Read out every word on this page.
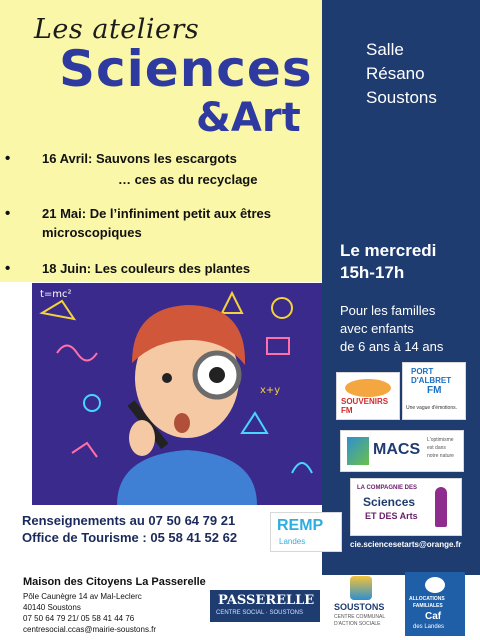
Les ateliers
Sciences
&Art
Salle
Résano
Soustons
Le mercredi
15h-17h
Pour les familles
avec enfants
de 6 ans à 14 ans
• 16 Avril: Sauvons les escargots
… ces as du recyclage
• 21 Mai: De l’infiniment petit aux êtres
microscopiques
• 18 Juin: Les couleurs des plantes
t=mc²
x+y
Renseignements au 07 50 64 79 21
Office de Tourisme : 05 58 41 52 62
SOUVENIRS FM
PORT
D'ALBRET
FM
Une vague d'émotions.
MACS
L'optimisme
est dans
notre nature
LA COMPAGNIE DES
Sciences
ET DES Arts
REMP
Landes	cie.sciencesetarts@orange.fr
Maison des Citoyens La Passerelle
Pôle Caunègre 14 av Mal-Leclerc
40140 Soustons
07 50 64 79 21/ 05 58 41 44 76
centresocial.ccas@mairie-soustons.fr
PASSERELLE
CENTRE SOCIAL · SOUSTONS
SOUSTONS
CENTRE COMMUNAL
D'ACTION SOCIALE
ALLOCATIONS
FAMILIALES
Caf
des Landes
